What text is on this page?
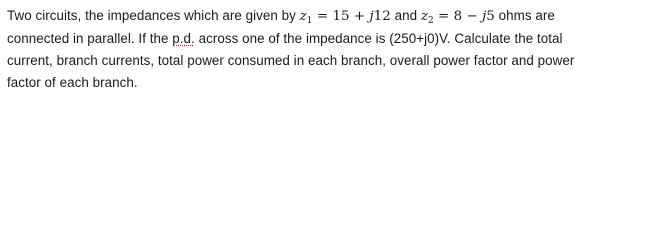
Two circuits, the impedances which are given by $z_1 = 15 + j12$ and $z_2 = 8 - j5$ ohms are
connected in parallel. If the p.d. across one of the impedance is (250+j0)V. Calculate the total
current, branch currents, total power consumed in each branch, overall power factor and power
factor of each branch.
